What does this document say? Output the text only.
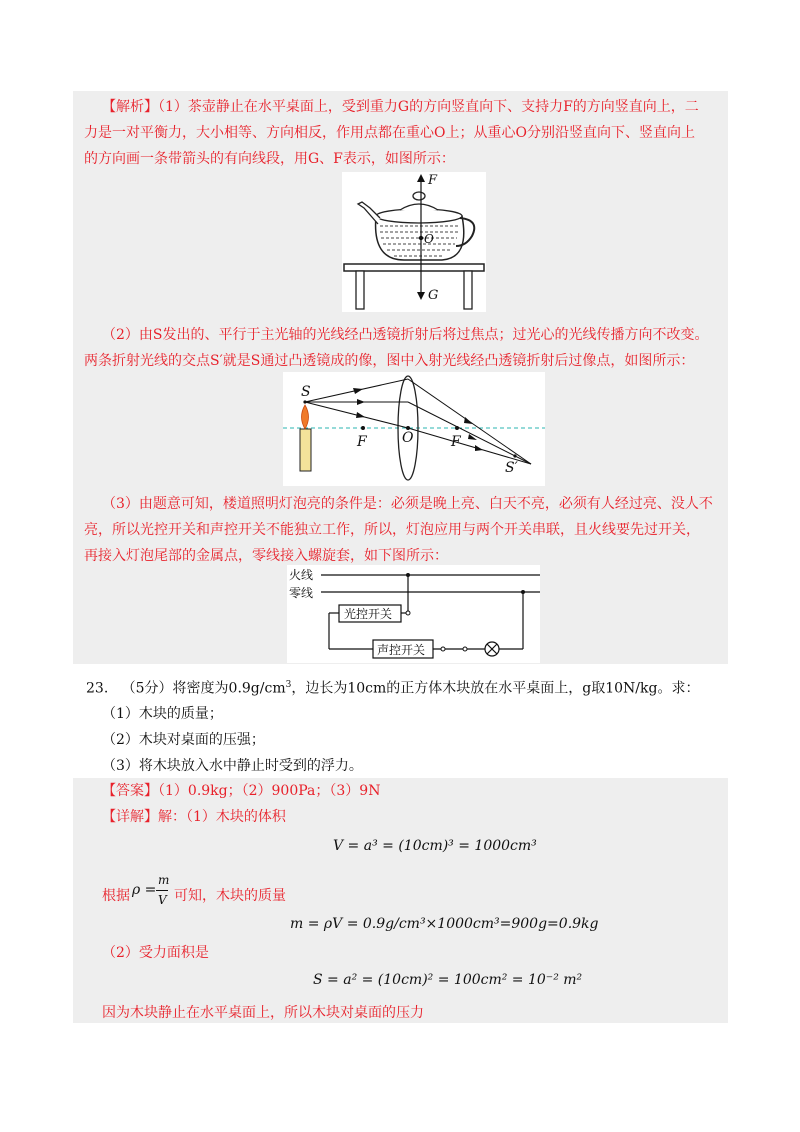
【解析】（1）茶壶静止在水平桌面上，受到重力G的方向竖直向下、支持力F的方向竖直向上，二
力是一对平衡力，大小相等、方向相反，作用点都在重心O上；从重心O分别沿竖直向下、竖直向上
的方向画一条带箭头的有向线段，用G、F表示，如图所示：
F
G
O
（2）由S发出的、平行于主光轴的光线经凸透镜折射后将过焦点；过光心的光线传播方向不改变。
两条折射光线的交点S′就是S通过凸透镜成的像，图中入射光线经凸透镜折射后过像点，如图所示：
S
F	O	F
S′
（3）由题意可知，楼道照明灯泡亮的条件是：必须是晚上亮、白天不亮，必须有人经过亮、没人不
亮，所以光控开关和声控开关不能独立工作，所以，灯泡应用与两个开关串联，且火线要先过开关，
再接入灯泡尾部的金属点，零线接入螺旋套，如下图所示：
火线
零线
光控开关
声控开关
23. （5分）将密度为$0.9g/cm^3$，边长为10cm的正方体木块放在水平桌面上，g取10N/kg。求：
（1）木块的质量；
（2）木块对桌面的压强；
（3）将木块放入水中静止时受到的浮力。
【答案】（1）0.9kg；（2）900Pa；（3）9N
【详解】解：（1）木块的体积
V = a³ = (10cm)³ = 1000cm³
根据 ρ =
m
V 可知，木块的质量
m = ρV = 0.9g/cm³×1000cm³=900g=0.9kg
（2）受力面积是
S = a² = (10cm)² = 100cm² = 10⁻² m²
因为木块静止在水平桌面上，所以木块对桌面的压力
